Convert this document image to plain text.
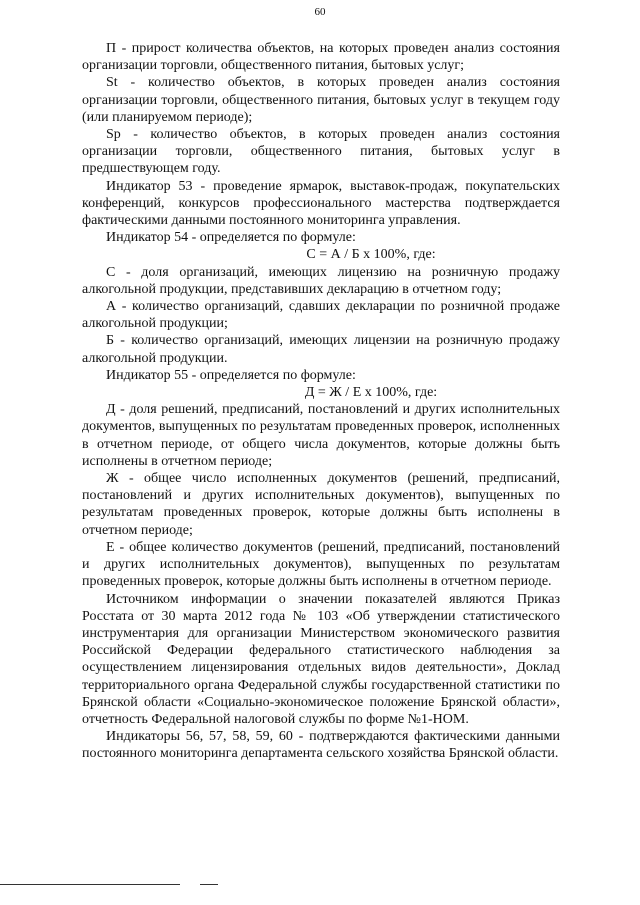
60

П - прирост количества объектов, на которых проведен анализ состояния организации торговли, общественного питания, бытовых услуг;

St - количество объектов, в которых проведен анализ состояния организации торговли, общественного питания, бытовых услуг в текущем году (или планируемом периоде);

Sp - количество объектов, в которых проведен анализ состояния организации торговли, общественного питания, бытовых услуг в предшествующем году.

Индикатор 53 - проведение ярмарок, выставок-продаж, покупательских конференций, конкурсов профессионального мастерства подтверждается фактическими данными постоянного мониторинга управления.

Индикатор 54 - определяется по формуле:

С = А / Б х 100%, где:

С - доля организаций, имеющих лицензию на розничную продажу алкогольной продукции, представивших декларацию в отчетном году;

А - количество организаций, сдавших декларации по розничной продаже алкогольной продукции;

Б - количество организаций, имеющих лицензии на розничную продажу алкогольной продукции.

Индикатор 55 - определяется по формуле:

Д = Ж / Е х 100%, где:

Д - доля решений, предписаний, постановлений и других исполнительных документов, выпущенных по результатам проведенных проверок, исполненных в отчетном периоде, от общего числа документов, которые должны быть исполнены в отчетном периоде;

Ж - общее число исполненных документов (решений, предписаний, постановлений и других исполнительных документов), выпущенных по результатам проведенных проверок, которые должны быть исполнены в отчетном периоде;

Е - общее количество документов (решений, предписаний, постановлений и других исполнительных документов), выпущенных по результатам проведенных проверок, которые должны быть исполнены в отчетном периоде.

Источником информации о значении показателей являются Приказ Росстата от 30 марта 2012 года № 103 «Об утверждении статистического инструментария для организации Министерством экономического развития Российской Федерации федерального статистического наблюдения за осуществлением лицензирования отдельных видов деятельности», Доклад территориального органа Федеральной службы государственной статистики по Брянской области «Социально-экономическое положение Брянской области», отчетность Федеральной налоговой службы по форме №1-НОМ.

Индикаторы 56, 57, 58, 59, 60 - подтверждаются фактическими данными постоянного мониторинга департамента сельского хозяйства Брянской области.
